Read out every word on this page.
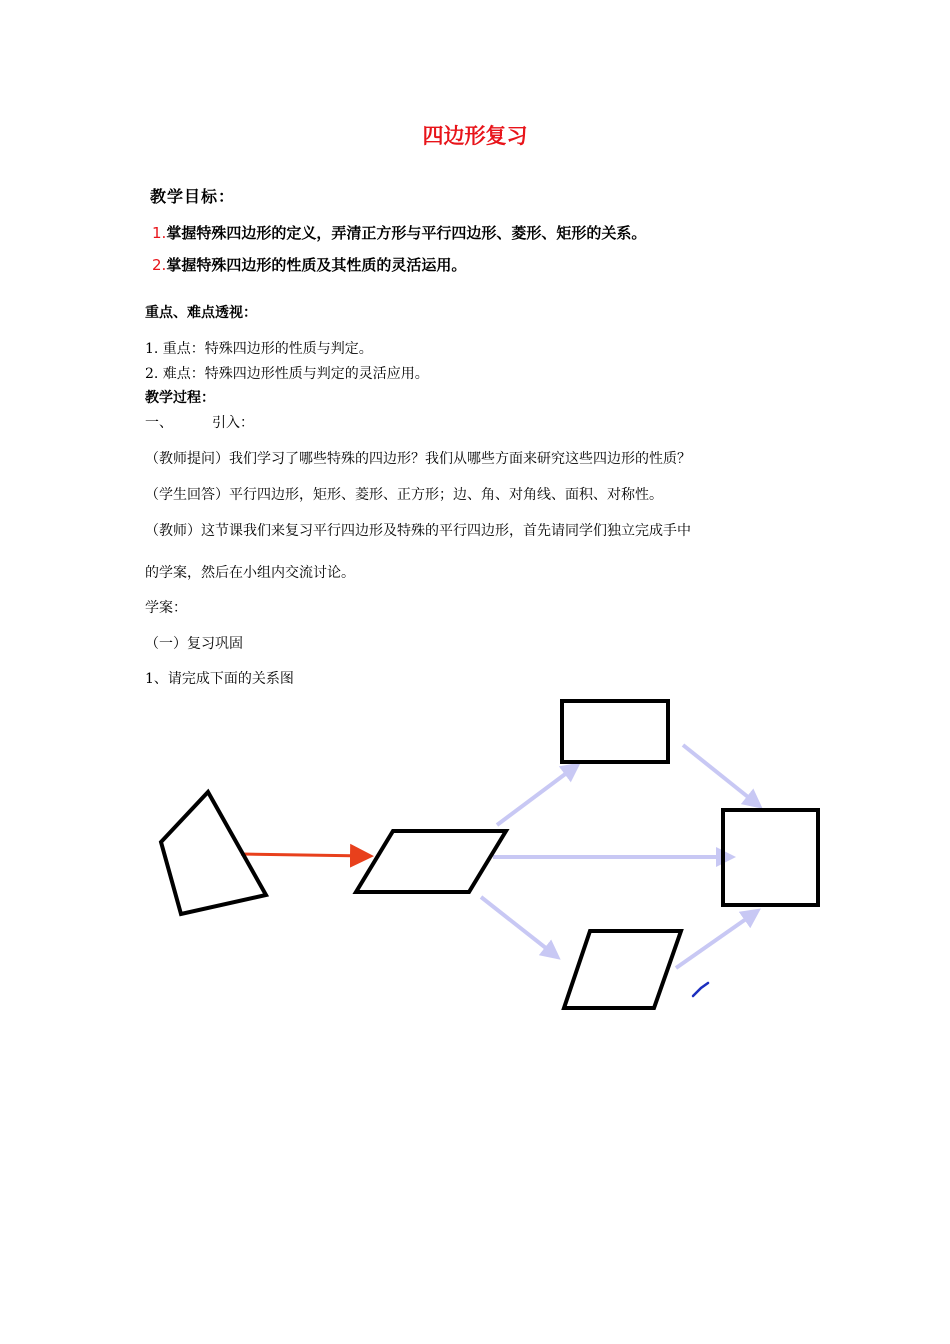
四边形复习
教学目标：
1.掌握特殊四边形的定义，弄清正方形与平行四边形、菱形、矩形的关系。
2.掌握特殊四边形的性质及其性质的灵活运用。
重点、难点透视：
1. 重点：特殊四边形的性质与判定。
2. 难点：特殊四边形性质与判定的灵活应用。
教学过程：
一、	引入：
（教师提问）我们学习了哪些特殊的四边形？我们从哪些方面来研究这些四边形的性质？
（学生回答）平行四边形，矩形、菱形、正方形；边、角、对角线、面积、对称性。
（教师）这节课我们来复习平行四边形及特殊的平行四边形，首先请同学们独立完成手中
的学案，然后在小组内交流讨论。
学案：
（一）复习巩固
1、请完成下面的关系图
